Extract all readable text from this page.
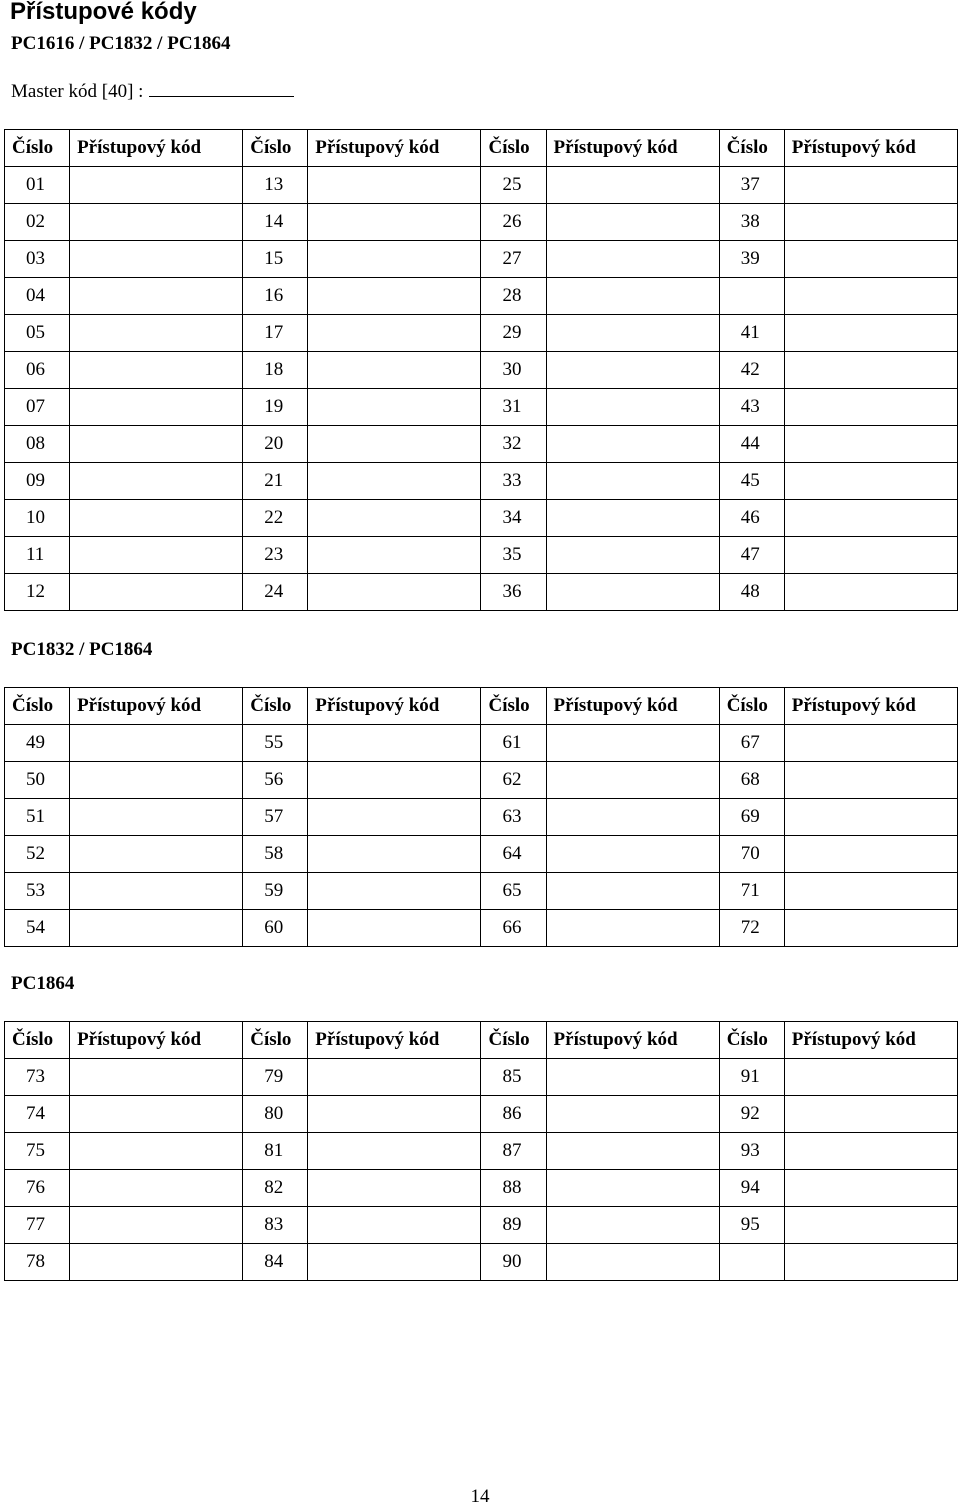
Přístupové kódy
PC1616 / PC1832 / PC1864
Master kód [40] :
Číslo	Přístupový kód	Číslo	Přístupový kód	Číslo	Přístupový kód	Číslo	Přístupový kód
01		13		25		37	
02		14		26		38	
03		15		27		39	
04		16		28			
05		17		29		41	
06		18		30		42	
07		19		31		43	
08		20		32		44	
09		21		33		45	
10		22		34		46	
11		23		35		47	
12		24		36		48	
PC1832 / PC1864
Číslo	Přístupový kód	Číslo	Přístupový kód	Číslo	Přístupový kód	Číslo	Přístupový kód
49		55		61		67	
50		56		62		68	
51		57		63		69	
52		58		64		70	
53		59		65		71	
54		60		66		72	
PC1864
Číslo	Přístupový kód	Číslo	Přístupový kód	Číslo	Přístupový kód	Číslo	Přístupový kód
73		79		85		91	
74		80		86		92	
75		81		87		93	
76		82		88		94	
77		83		89		95	
78		84		90			
14
